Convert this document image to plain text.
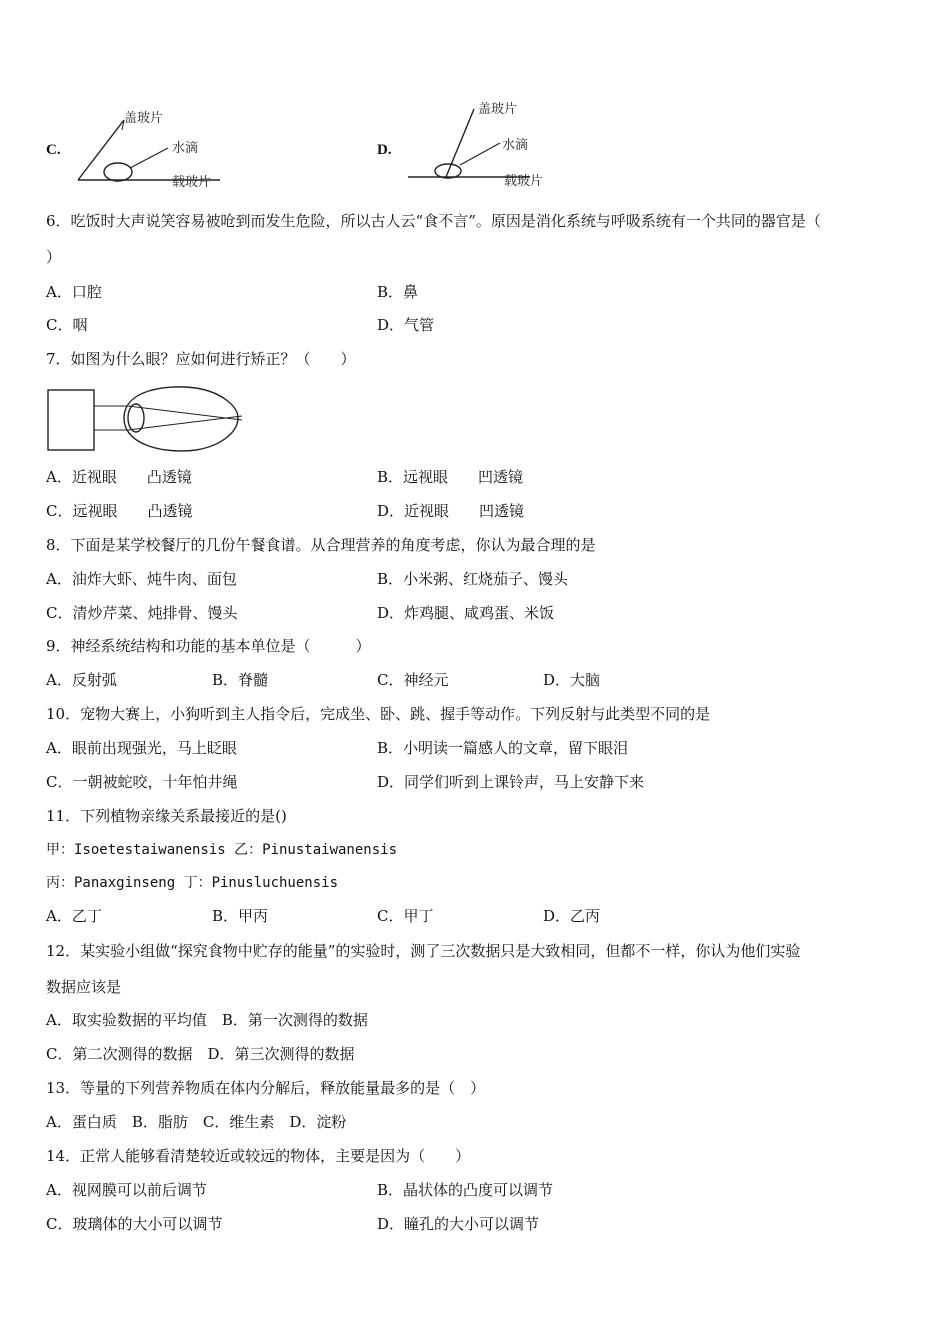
C.
盖玻片
水滴
载玻片
D.
盖玻片
水滴
载玻片
6．吃饭时大声说笑容易被呛到而发生危险，所以古人云“食不言”。原因是消化系统与呼吸系统有一个共同的器官是（
）
A．口腔	B．鼻
C．咽	D．气管
7．如图为什么眼？应如何进行矫正？（　　）
A．近视眼　　凸透镜	B．远视眼　　凹透镜
C．远视眼　　凸透镜	D．近视眼　　凹透镜
8．下面是某学校餐厅的几份午餐食谱。从合理营养的角度考虑，你认为最合理的是
A．油炸大虾、炖牛肉、面包	B．小米粥、红烧茄子、馒头
C．清炒芹菜、炖排骨、馒头	D．炸鸡腿、咸鸡蛋、米饭
9．神经系统结构和功能的基本单位是（　　　）
A．反射弧	B．脊髓	C．神经元	D．大脑
10．宠物大赛上，小狗听到主人指令后，完成坐、卧、跳、握手等动作。下列反射与此类型不同的是
A．眼前出现强光，马上眨眼	B．小明读一篇感人的文章，留下眼泪
C．一朝被蛇咬，十年怕井绳	D．同学们听到上课铃声，马上安静下来
11．下列植物亲缘关系最接近的是()
甲：Isoetestaiwanensis 乙：Pinustaiwanensis
丙：Panaxginseng 丁：Pinusluchuensis
A．乙丁	B．甲丙	C．甲丁	D．乙丙
12．某实验小组做“探究食物中贮存的能量”的实验时，测了三次数据只是大致相同，但都不一样，你认为他们实验
数据应该是
A．取实验数据的平均值　B．第一次测得的数据
C．第二次测得的数据　D．第三次测得的数据
13．等量的下列营养物质在体内分解后，释放能量最多的是（　）
A．蛋白质　B．脂肪　C．维生素　D．淀粉
14．正常人能够看清楚较近或较远的物体，主要是因为（　　）
A．视网膜可以前后调节	B．晶状体的凸度可以调节
C．玻璃体的大小可以调节	D．瞳孔的大小可以调节
